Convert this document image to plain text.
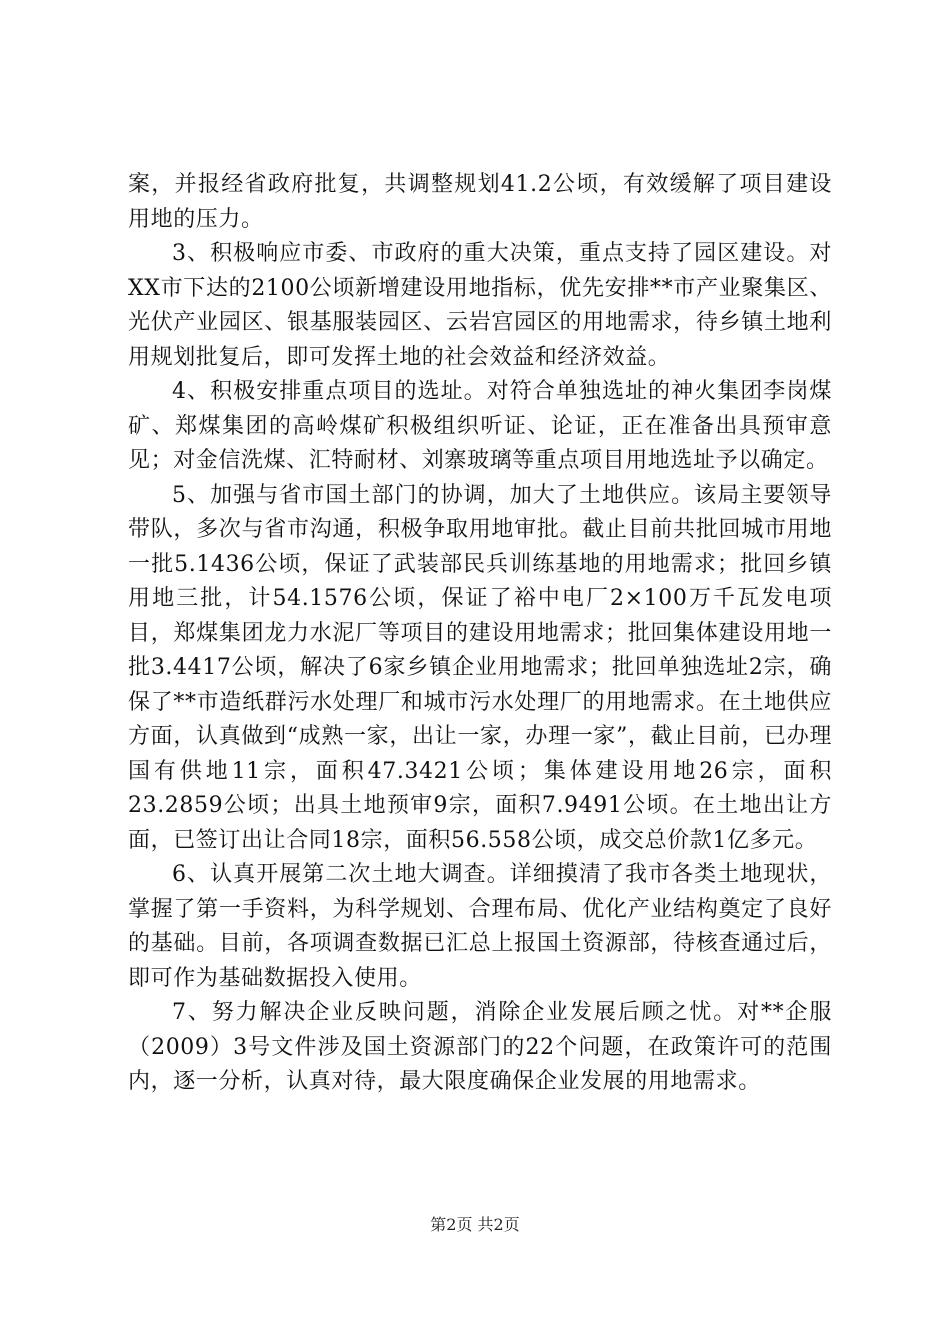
案，并报经省政府批复，共调整规划41.2公顷，有效缓解了项目建设用地的压力。

3、积极响应市委、市政府的重大决策，重点支持了园区建设。对XX市下达的2100公顷新增建设用地指标，优先安排**市产业聚集区、光伏产业园区、银基服装园区、云岩宫园区的用地需求，待乡镇土地利用规划批复后，即可发挥土地的社会效益和经济效益。

4、积极安排重点项目的选址。对符合单独选址的神火集团李岗煤矿、郑煤集团的高岭煤矿积极组织听证、论证，正在准备出具预审意见；对金信洗煤、汇特耐材、刘寨玻璃等重点项目用地选址予以确定。

5、加强与省市国土部门的协调，加大了土地供应。该局主要领导带队，多次与省市沟通，积极争取用地审批。截止目前共批回城市用地一批5.1436公顷，保证了武装部民兵训练基地的用地需求；批回乡镇用地三批，计54.1576公顷，保证了裕中电厂2×100万千瓦发电项目，郑煤集团龙力水泥厂等项目的建设用地需求；批回集体建设用地一批3.4417公顷，解决了6家乡镇企业用地需求；批回单独选址2宗，确保了**市造纸群污水处理厂和城市污水处理厂的用地需求。在土地供应方面，认真做到“成熟一家，出让一家，办理一家”，截止目前，已办理国有供地11宗，面积47.3421公顷；集体建设用地26宗，面积23.2859公顷；出具土地预审9宗，面积7.9491公顷。在土地出让方面，已签订出让合同18宗，面积56.558公顷，成交总价款1亿多元。

6、认真开展第二次土地大调查。详细摸清了我市各类土地现状，掌握了第一手资料，为科学规划、合理布局、优化产业结构奠定了良好的基础。目前，各项调查数据已汇总上报国土资源部，待核查通过后，即可作为基础数据投入使用。

7、努力解决企业反映问题，消除企业发展后顾之忧。对**企服（2009）3号文件涉及国土资源部门的22个问题，在政策许可的范围内，逐一分析，认真对待，最大限度确保企业发展的用地需求。

第2页 共2页
